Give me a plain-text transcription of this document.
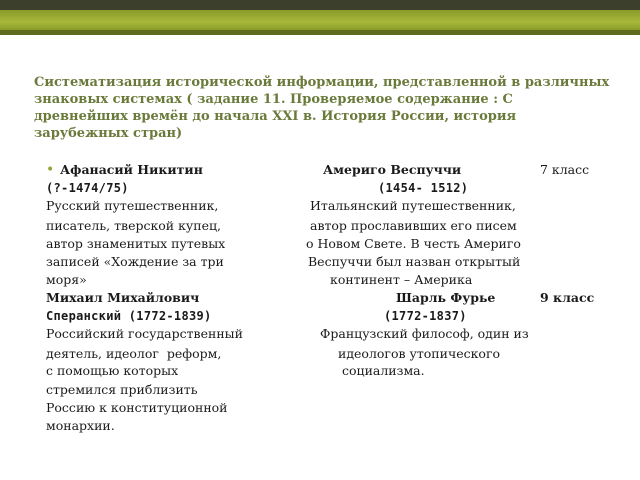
Систематизация исторической информации, представленной в различных знаковых системах ( задание 11. Проверяемое содержание : С древнейших времён до начала XXI в. История России, история зарубежных стран)
• Афанасий Никитин	Америго Веспуччи	7 класс
(?-1474/75)	(1454- 1512)
Русский путешественник,	Итальянский путешественник,
писатель, тверской купец,	автор прославивших его писем
автор знаменитых путевых	о Новом Свете. В честь Америго
записей «Хождение за три	Веспуччи был назван открытый
моря»	континент – Америка
Михаил Михайлович	Шарль Фурье	9 класс
Сперанский (1772-1839)	(1772-1837)
Российский государственный	Французский философ, один из
деятель, идеолог  реформ,	идеологов утопического
с помощью которых	социализма.
стремился приблизить
Россию к конституционной
монархии.
